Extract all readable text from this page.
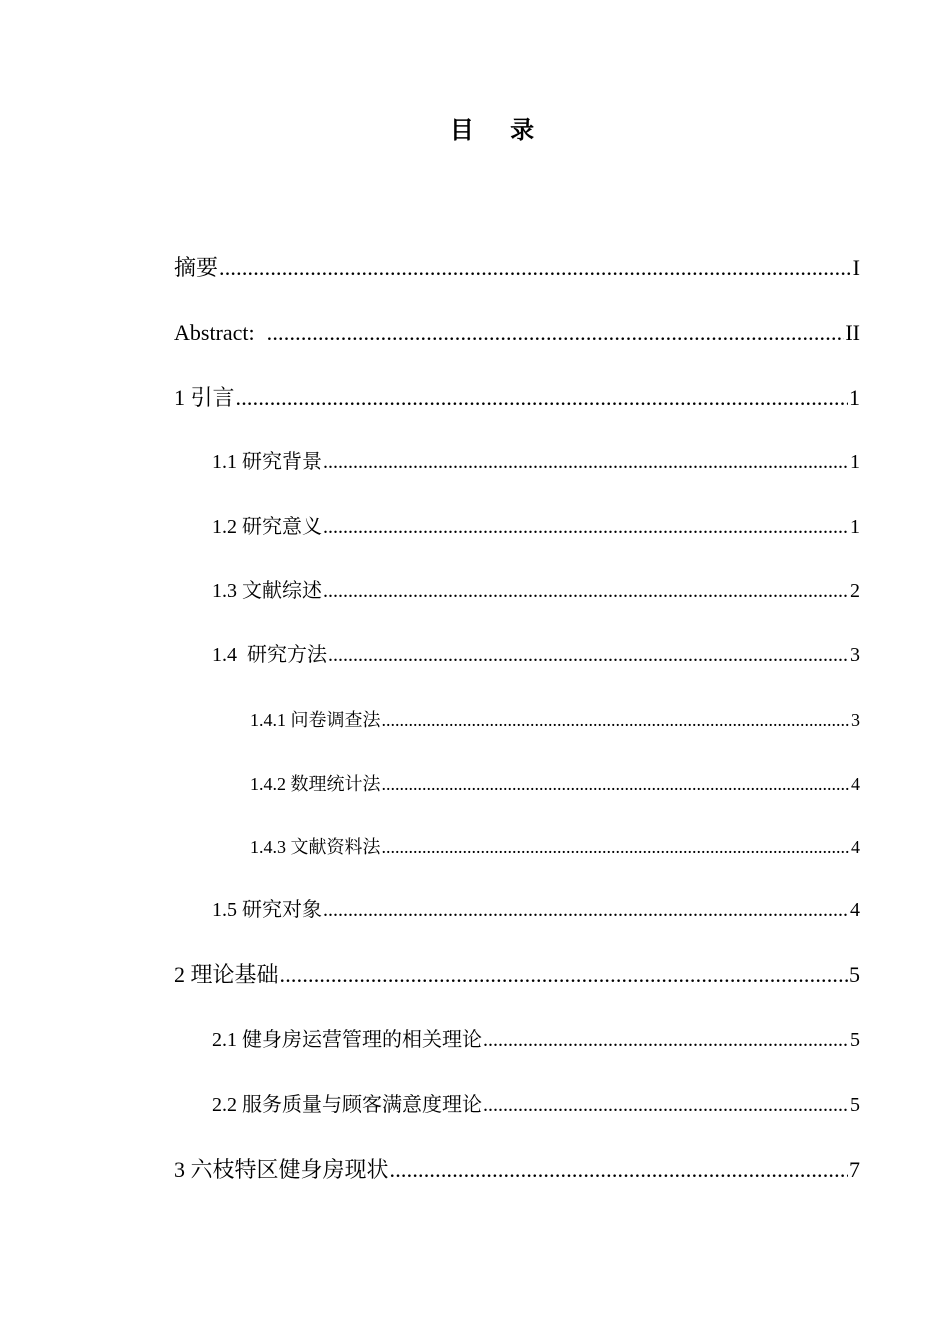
目 录
摘要 .....	I
Abstract: .....	II
1 引言 .....	1
1.1 研究背景 .....	1
1.2 研究意义 .....	1
1.3 文献综述 .....	2
1.4  研究方法 .....	3
1.4.1 问卷调查法 .....	3
1.4.2 数理统计法 .....	4
1.4.3 文献资料法 .....	4
1.5 研究对象 .....	4
2 理论基础 .....	5
2.1 健身房运营管理的相关理论 .....	5
2.2 服务质量与顾客满意度理论 .....	5
3 六枝特区健身房现状 .....	7
